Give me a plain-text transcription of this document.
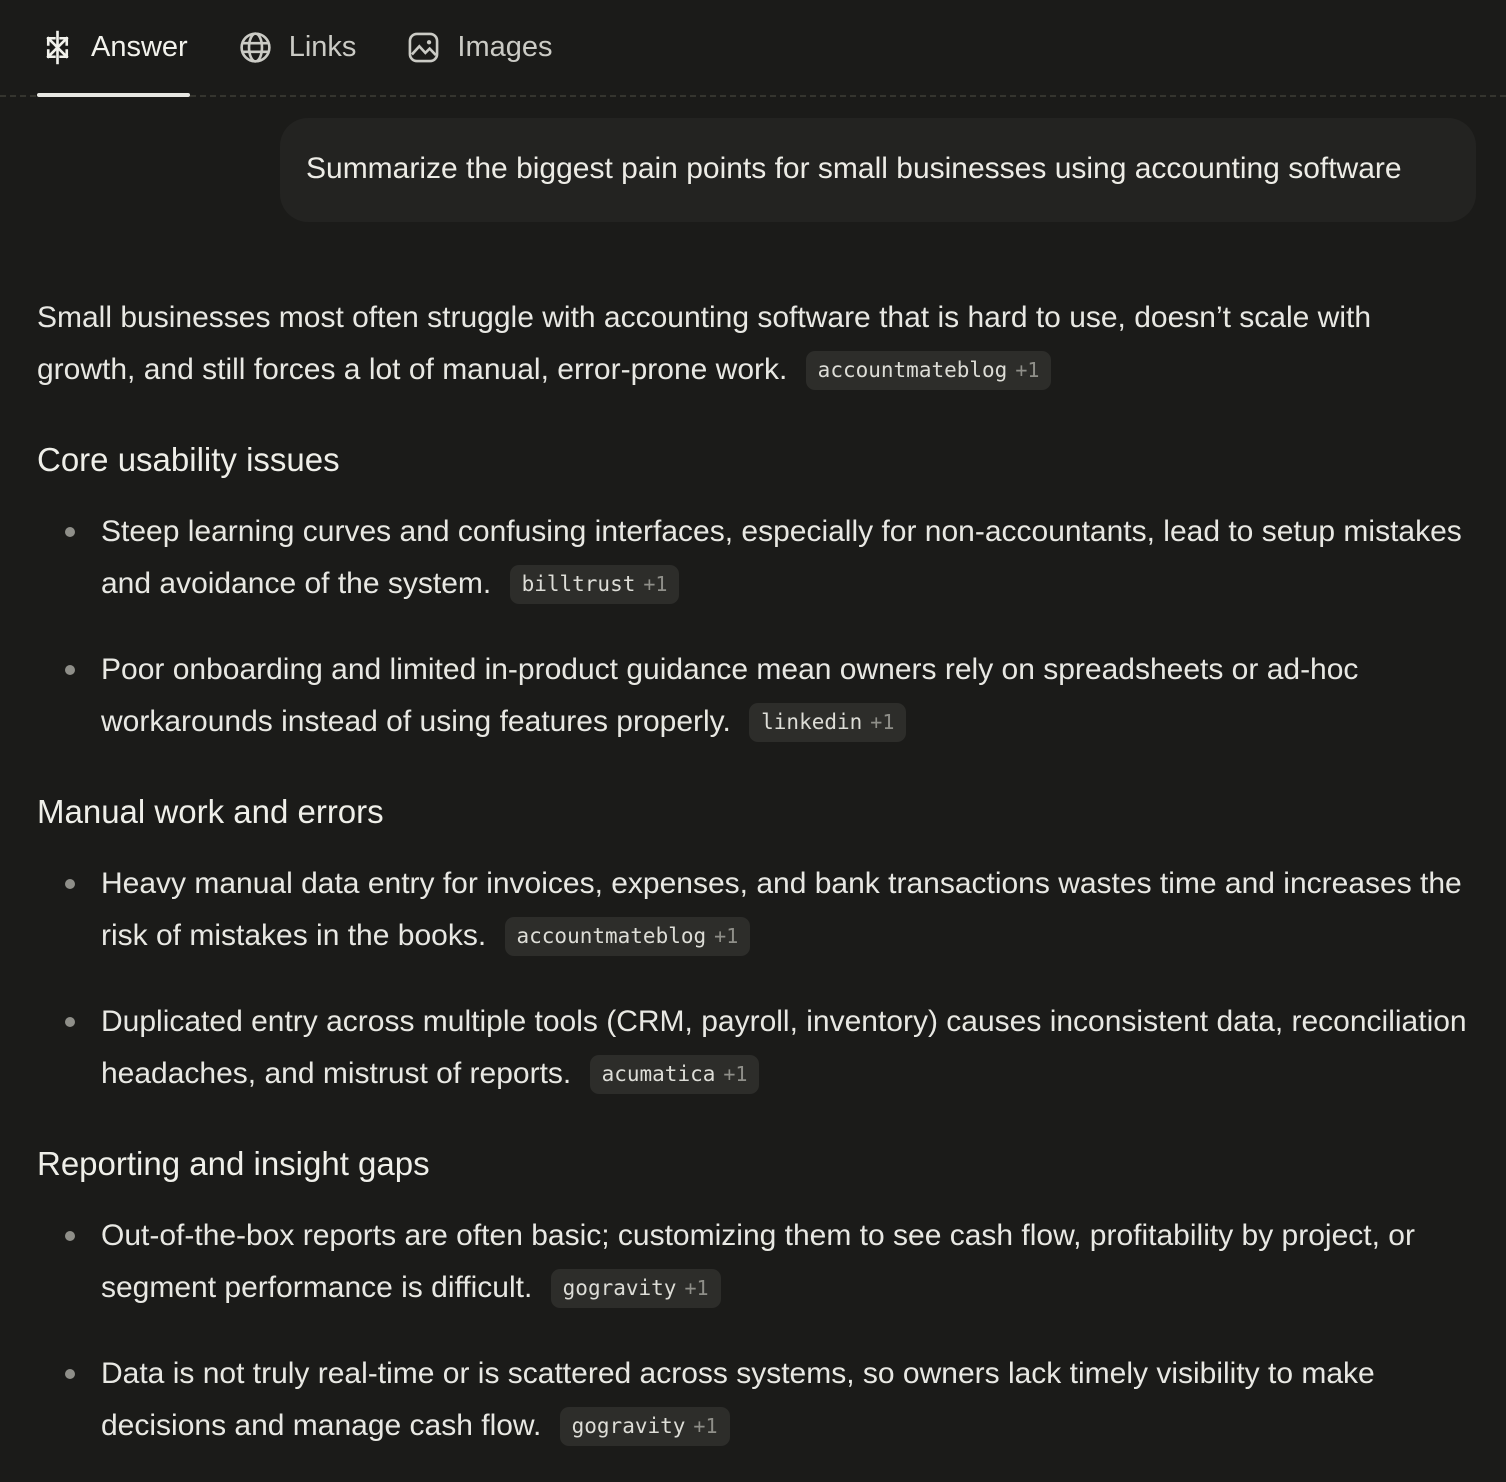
Answer	Links	Images
Summarize the biggest pain points for small businesses using accounting software

Small businesses most often struggle with accounting software that is hard to use, doesn’t scale with growth, and still forces a lot of manual, error-prone work. accountmateblog +1

Core usability issues
Steep learning curves and confusing interfaces, especially for non-accountants, lead to setup mistakes and avoidance of the system. billtrust +1
Poor onboarding and limited in-product guidance mean owners rely on spreadsheets or ad-hoc workarounds instead of using features properly. linkedin +1
Manual work and errors
Heavy manual data entry for invoices, expenses, and bank transactions wastes time and increases the risk of mistakes in the books. accountmateblog +1
Duplicated entry across multiple tools (CRM, payroll, inventory) causes inconsistent data, reconciliation headaches, and mistrust of reports. acumatica +1
Reporting and insight gaps
Out-of-the-box reports are often basic; customizing them to see cash flow, profitability by project, or segment performance is difficult. gogravity +1
Data is not truly real-time or is scattered across systems, so owners lack timely visibility to make decisions and manage cash flow. gogravity +1
